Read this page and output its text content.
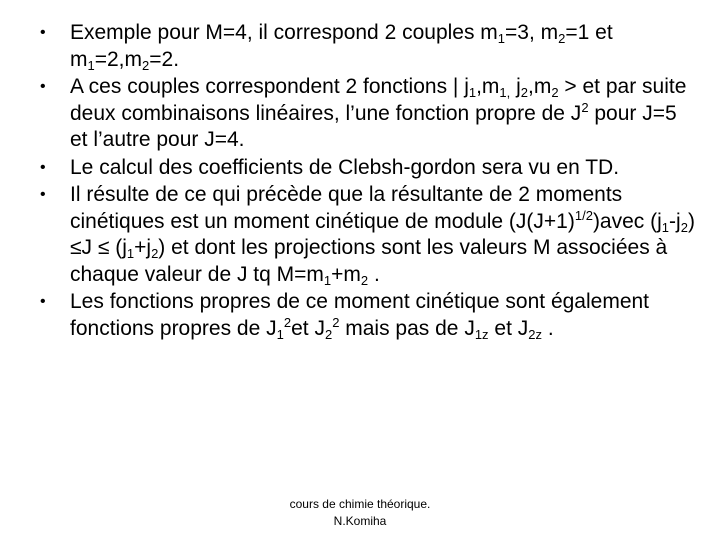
•	Exemple pour M=4, il correspond 2 couples $m_1=3$, $m_2=1$ et $m_1=2,m_2=2$.
•	A ces couples correspondent 2 fonctions | $j_1,m_{1,}$ $j_2,m_2$ > et par suite deux combinaisons linéaires, l’une fonction propre de $J^2$ pour J=5 et l’autre pour J=4.
•	Le calcul des coefficients de Clebsh-gordon sera vu en TD.
•	Il résulte de ce qui précède que la résultante de 2 moments cinétiques est un moment cinétique de module $(J(J+1)^{1/2})avec$ $(j_1-j_2) \le J \le (j_1+j_2)$ et dont les projections sont les valeurs M associées à chaque valeur de J tq $M=m_1+m_2$ .
•	Les fonctions propres de ce moment cinétique sont également fonctions propres de $J_1^2et$ $J_2^2$ mais pas de $J_{1z}$ et $J_{2z}$ .
cours de chimie théorique.
N.Komiha
